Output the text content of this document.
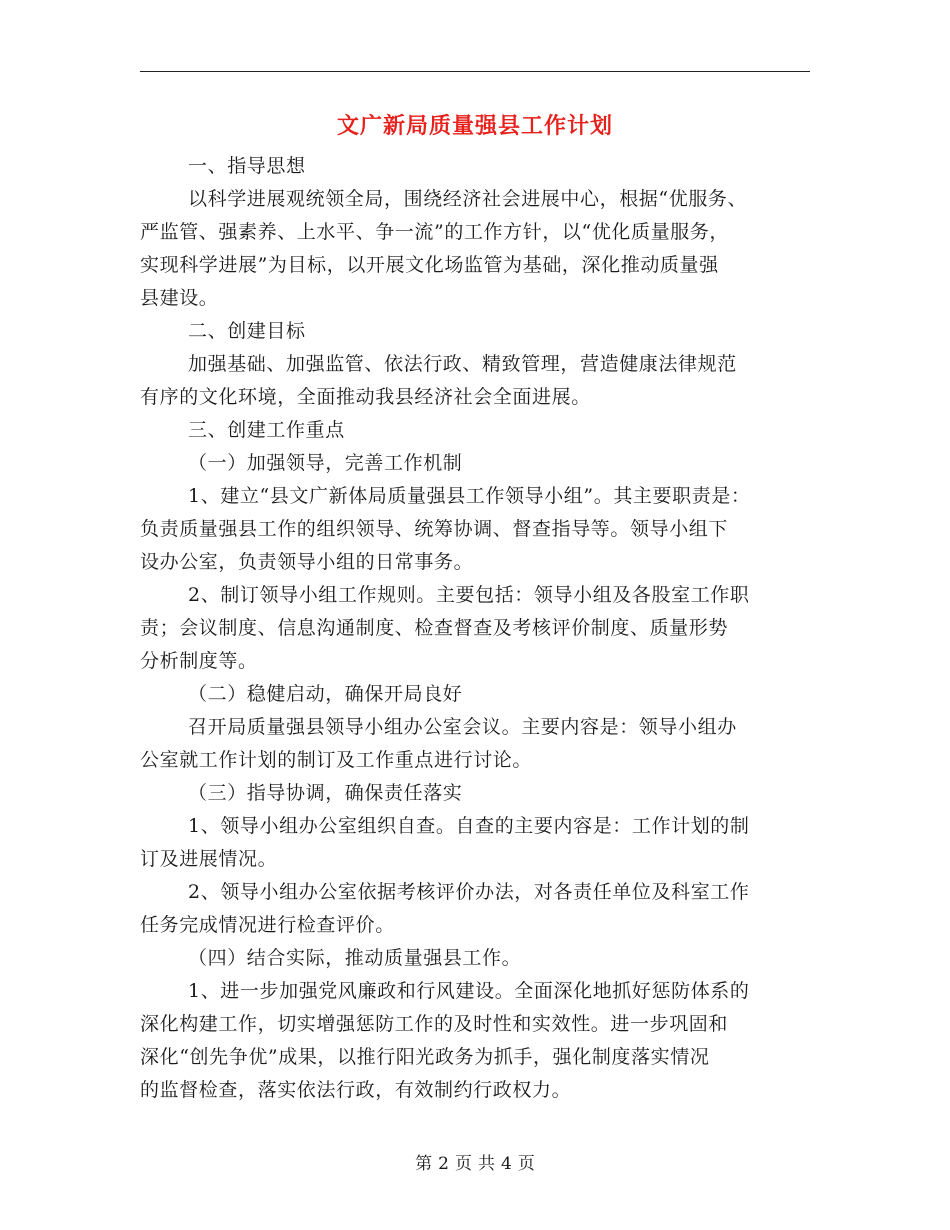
文广新局质量强县工作计划
一、指导思想
以科学进展观统领全局，围绕经济社会进展中心，根据“优服务、
严监管、强素养、上水平、争一流”的工作方针，以“优化质量服务，
实现科学进展”为目标，以开展文化场监管为基础，深化推动质量强
县建设。
二、创建目标
加强基础、加强监管、依法行政、精致管理，营造健康法律规范
有序的文化环境，全面推动我县经济社会全面进展。
三、创建工作重点
（一）加强领导，完善工作机制
1、建立“县文广新体局质量强县工作领导小组”。其主要职责是：
负责质量强县工作的组织领导、统筹协调、督查指导等。领导小组下
设办公室，负责领导小组的日常事务。
2、制订领导小组工作规则。主要包括：领导小组及各股室工作职
责；会议制度、信息沟通制度、检查督查及考核评价制度、质量形势
分析制度等。
（二）稳健启动，确保开局良好
召开局质量强县领导小组办公室会议。主要内容是：领导小组办
公室就工作计划的制订及工作重点进行讨论。
（三）指导协调，确保责任落实
1、领导小组办公室组织自查。自查的主要内容是：工作计划的制
订及进展情况。
2、领导小组办公室依据考核评价办法，对各责任单位及科室工作
任务完成情况进行检查评价。
（四）结合实际，推动质量强县工作。
1、进一步加强党风廉政和行风建设。全面深化地抓好惩防体系的
深化构建工作，切实增强惩防工作的及时性和实效性。进一步巩固和
深化“创先争优”成果，以推行阳光政务为抓手，强化制度落实情况
的监督检查，落实依法行政，有效制约行政权力。
第 2 页 共 4 页
